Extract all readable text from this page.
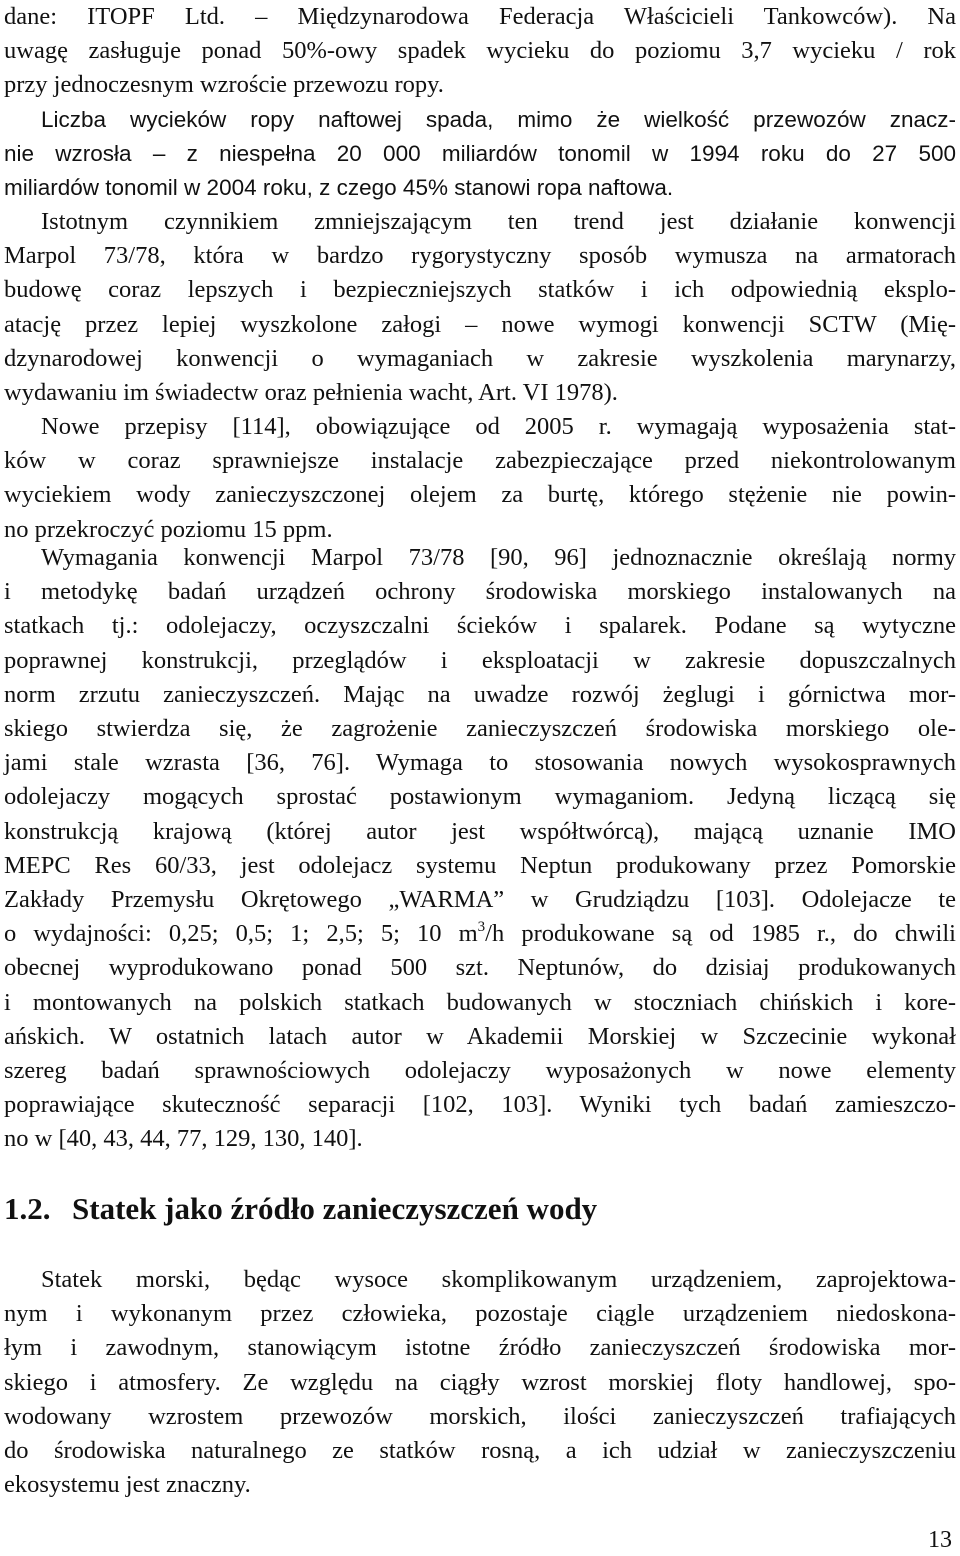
dane: ITOPF Ltd. – Międzynarodowa Federacja Właścicieli Tankowców). Na
uwagę zasługuje ponad 50%-owy spadek wycieku do poziomu 3,7 wycieku / rok
przy jednoczesnym wzroście przewozu ropy.
Liczba wycieków ropy naftowej spada, mimo że wielkość przewozów znacz-
nie wzrosła – z niespełna 20 000 miliardów tonomil w 1994 roku do 27 500
miliardów tonomil w 2004 roku, z czego 45% stanowi ropa naftowa.
Istotnym czynnikiem zmniejszającym ten trend jest działanie konwencji
Marpol 73/78, która w bardzo rygorystyczny sposób wymusza na armatorach
budowę coraz lepszych i bezpieczniejszych statków i ich odpowiednią eksplo-
atację przez lepiej wyszkolone załogi – nowe wymogi konwencji SCTW (Mię-
dzynarodowej konwencji o wymaganiach w zakresie wyszkolenia marynarzy,
wydawaniu im świadectw oraz pełnienia wacht, Art. VI 1978).
Nowe przepisy [114], obowiązujące od 2005 r. wymagają wyposażenia stat-
ków w coraz sprawniejsze instalacje zabezpieczające przed niekontrolowanym
wyciekiem wody zanieczyszczonej olejem za burtę, którego stężenie nie powin-
no przekroczyć poziomu 15 ppm.
Wymagania konwencji Marpol 73/78 [90, 96] jednoznacznie określają normy
i metodykę badań urządzeń ochrony środowiska morskiego instalowanych na
statkach tj.: odolejaczy, oczyszczalni ścieków i spalarek. Podane są wytyczne
poprawnej konstrukcji, przeglądów i eksploatacji w zakresie dopuszczalnych
norm zrzutu zanieczyszczeń. Mając na uwadze rozwój żeglugi i górnictwa mor-
skiego stwierdza się, że zagrożenie zanieczyszczeń środowiska morskiego ole-
jami stale wzrasta [36, 76]. Wymaga to stosowania nowych wysokosprawnych
odolejaczy mogących sprostać postawionym wymaganiom. Jedyną liczącą się
konstrukcją krajową (której autor jest współtwórcą), mającą uznanie IMO
MEPC Res 60/33, jest odolejacz systemu Neptun produkowany przez Pomorskie
Zakłady Przemysłu Okrętowego „WARMA” w Grudziądzu [103]. Odolejacze te
o wydajności: 0,25; 0,5; 1; 2,5; 5; 10 $m^3/h$ produkowane są od 1985 r., do chwili
obecnej wyprodukowano ponad 500 szt. Neptunów, do dzisiaj produkowanych
i montowanych na polskich statkach budowanych w stoczniach chińskich i kore-
ańskich. W ostatnich latach autor w Akademii Morskiej w Szczecinie wykonał
szereg badań sprawnościowych odolejaczy wyposażonych w nowe elementy
poprawiające skuteczność separacji [102, 103]. Wyniki tych badań zamieszczo-
no w [40, 43, 44, 77, 129, 130, 140].
1.2. Statek jako źródło zanieczyszczeń wody
Statek morski, będąc wysoce skomplikowanym urządzeniem, zaprojektowa-
nym i wykonanym przez człowieka, pozostaje ciągle urządzeniem niedoskona-
łym i zawodnym, stanowiącym istotne źródło zanieczyszczeń środowiska mor-
skiego i atmosfery. Ze względu na ciągły wzrost morskiej floty handlowej, spo-
wodowany wzrostem przewozów morskich, ilości zanieczyszczeń trafiających
do środowiska naturalnego ze statków rosną, a ich udział w zanieczyszczeniu
ekosystemu jest znaczny.
13
